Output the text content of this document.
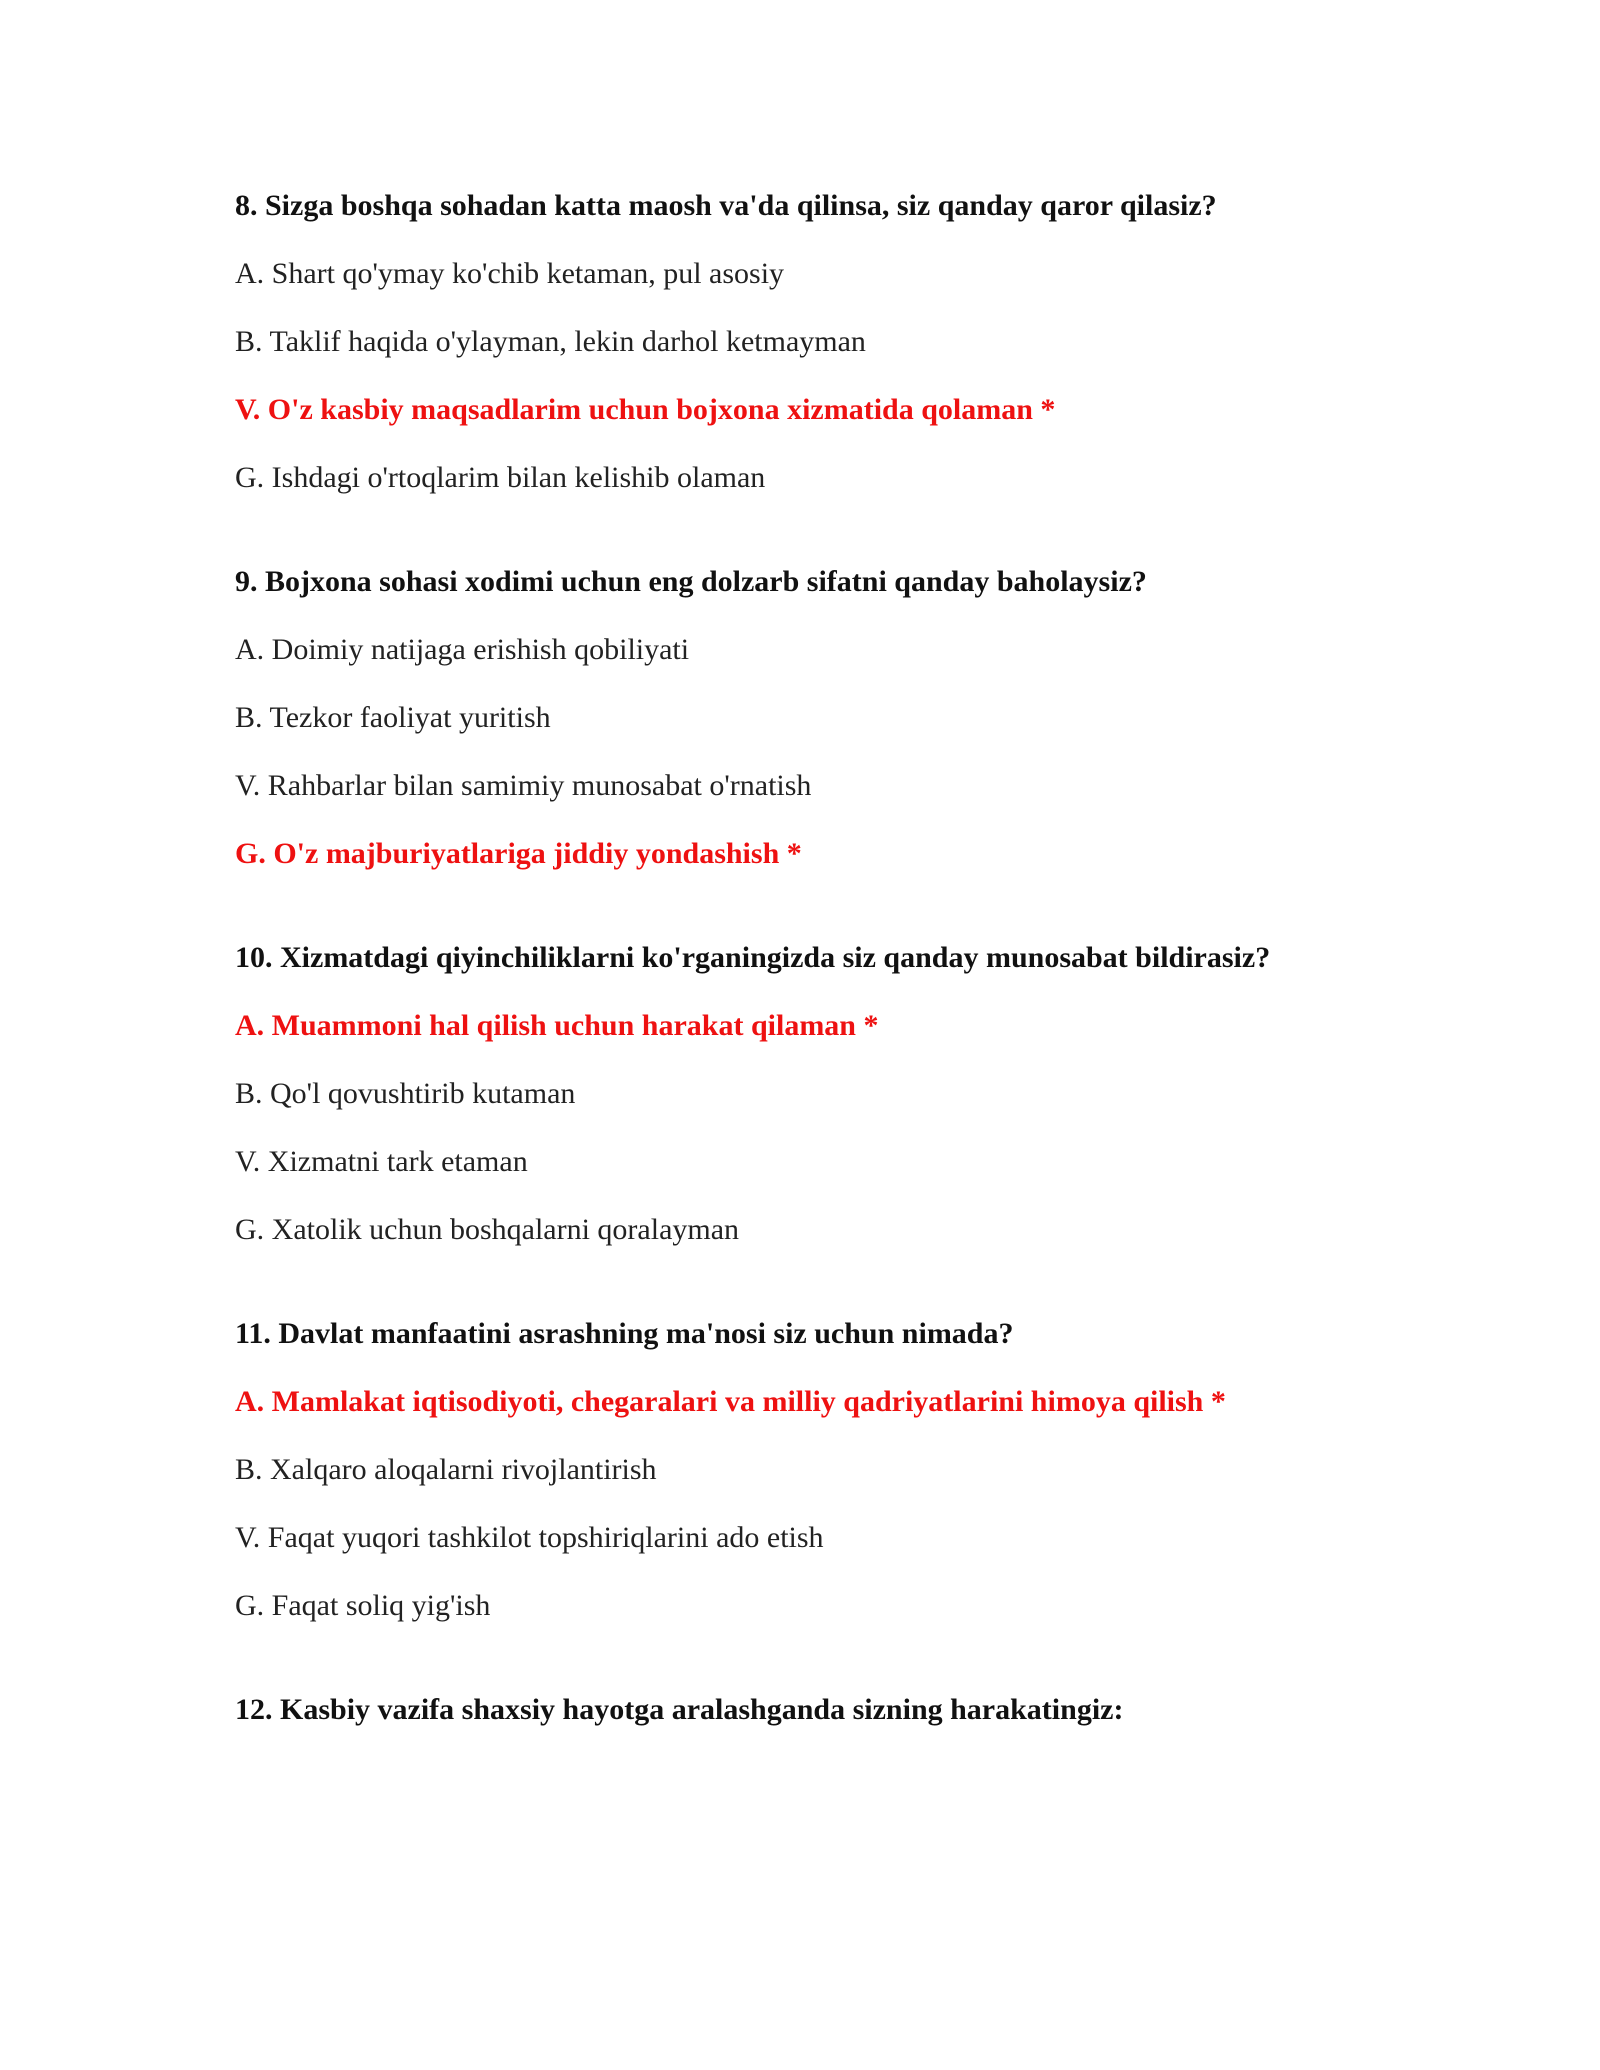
8. Sizga boshqa sohadan katta maosh va'da qilinsa, siz qanday qaror qilasiz?
A. Shart qo'ymay ko'chib ketaman, pul asosiy
B. Taklif haqida o'ylayman, lekin darhol ketmayman
V. O'z kasbiy maqsadlarim uchun bojxona xizmatida qolaman *
G. Ishdagi o'rtoqlarim bilan kelishib olaman
9. Bojxona sohasi xodimi uchun eng dolzarb sifatni qanday baholaysiz?
A. Doimiy natijaga erishish qobiliyati
B. Tezkor faoliyat yuritish
V. Rahbarlar bilan samimiy munosabat o'rnatish
G. O'z majburiyatlariga jiddiy yondashish *
10. Xizmatdagi qiyinchiliklarni ko'rganingizda siz qanday munosabat bildirasiz?
A. Muammoni hal qilish uchun harakat qilaman *
B. Qo'l qovushtirib kutaman
V. Xizmatni tark etaman
G. Xatolik uchun boshqalarni qoralayman
11. Davlat manfaatini asrashning ma'nosi siz uchun nimada?
A. Mamlakat iqtisodiyoti, chegaralari va milliy qadriyatlarini himoya qilish *
B. Xalqaro aloqalarni rivojlantirish
V. Faqat yuqori tashkilot topshiriqlarini ado etish
G. Faqat soliq yig'ish
12. Kasbiy vazifa shaxsiy hayotga aralashganda sizning harakatingiz:
